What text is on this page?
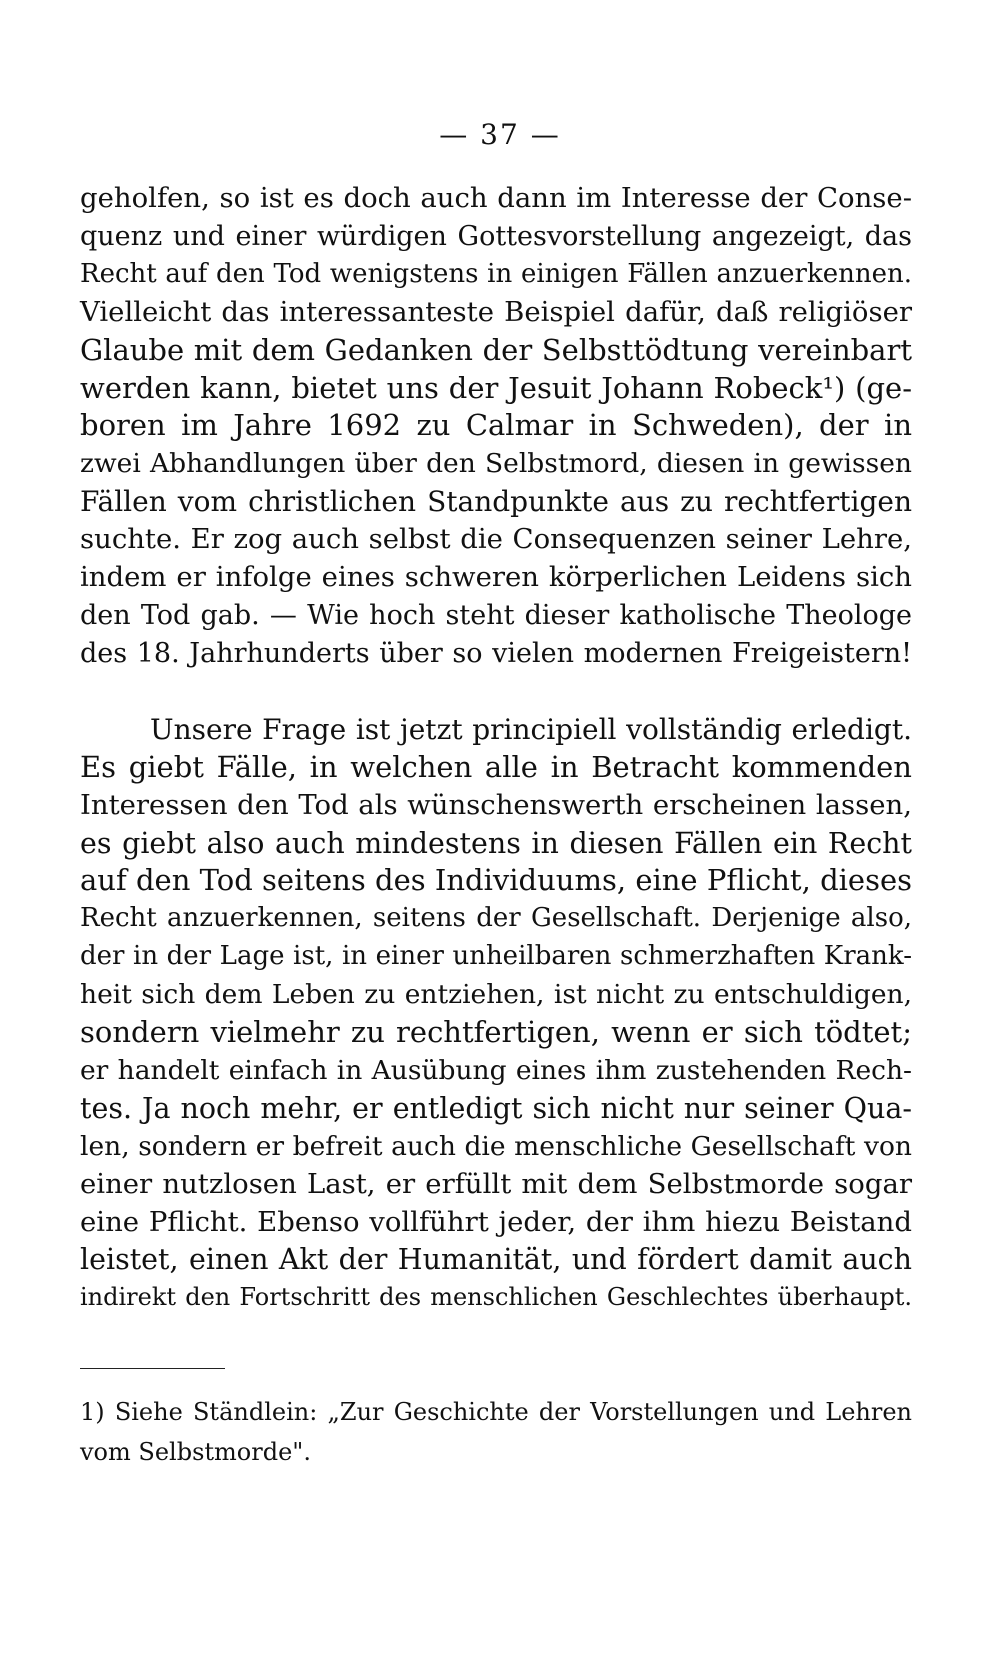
— 37 —
geholfen, so ist es doch auch dann im Interesse der Conse-
quenz und einer würdigen Gottesvorstellung angezeigt, das
Recht auf den Tod wenigstens in einigen Fällen anzuerkennen.
Vielleicht das interessanteste Beispiel dafür, daß religiöser
Glaube mit dem Gedanken der Selbsttödtung vereinbart
werden kann, bietet uns der Jesuit Johann Robeck¹) (ge-
boren im Jahre 1692 zu Calmar in Schweden), der in
zwei Abhandlungen über den Selbstmord, diesen in gewissen
Fällen vom christlichen Standpunkte aus zu rechtfertigen
suchte. Er zog auch selbst die Consequenzen seiner Lehre,
indem er infolge eines schweren körperlichen Leidens sich
den Tod gab. — Wie hoch steht dieser katholische Theologe
des 18. Jahrhunderts über so vielen modernen Freigeistern!
Unsere Frage ist jetzt principiell vollständig erledigt.
Es giebt Fälle, in welchen alle in Betracht kommenden
Interessen den Tod als wünschenswerth erscheinen lassen,
es giebt also auch mindestens in diesen Fällen ein Recht
auf den Tod seitens des Individuums, eine Pflicht, dieses
Recht anzuerkennen, seitens der Gesellschaft. Derjenige also,
der in der Lage ist, in einer unheilbaren schmerzhaften Krank-
heit sich dem Leben zu entziehen, ist nicht zu entschuldigen,
sondern vielmehr zu rechtfertigen, wenn er sich tödtet;
er handelt einfach in Ausübung eines ihm zustehenden Rech-
tes. Ja noch mehr, er entledigt sich nicht nur seiner Qua-
len, sondern er befreit auch die menschliche Gesellschaft von
einer nutzlosen Last, er erfüllt mit dem Selbstmorde sogar
eine Pflicht. Ebenso vollführt jeder, der ihm hiezu Beistand
leistet, einen Akt der Humanität, und fördert damit auch
indirekt den Fortschritt des menschlichen Geschlechtes überhaupt.
1) Siehe Ständlein: „Zur Geschichte der Vorstellungen und Lehren
vom Selbstmorde".
